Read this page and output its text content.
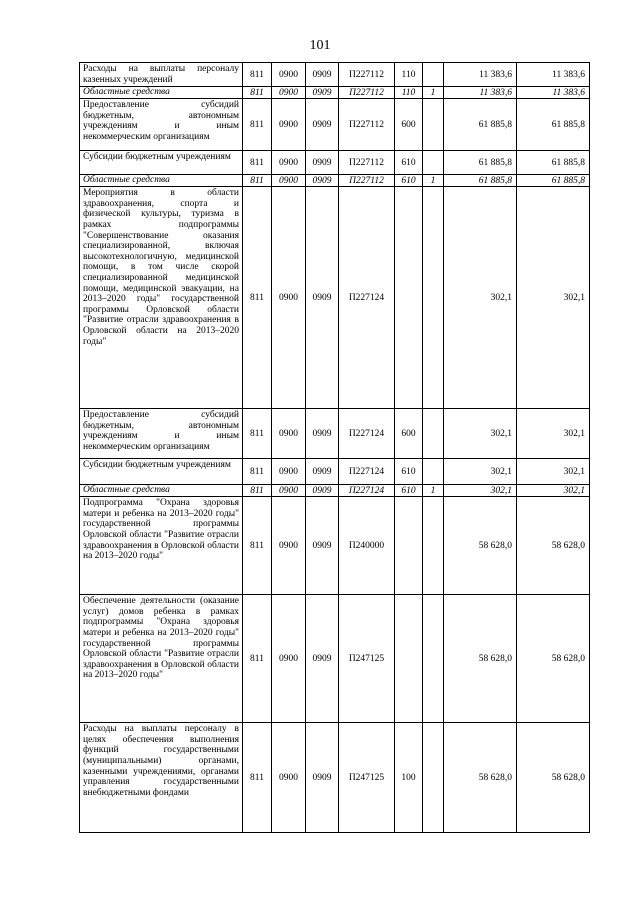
101
Расходы на выплаты персоналу казенных учреждений	811	0900	0909	П227112	110		11 383,6	11 383,6
Областные средства	811	0900	0909	П227112	110	1	11 383,6	11 383,6
Предоставление субсидий бюджетным, автономным учреждениям и иным некоммерческим организациям	811	0900	0909	П227112	600		61 885,8	61 885,8
Субсидии бюджетным учреждениям	811	0900	0909	П227112	610		61 885,8	61 885,8
Областные средства	811	0900	0909	П227112	610	1	61 885,8	61 885,8
Мероприятия в области здравоохранения, спорта и физической культуры, туризма в рамках подпрограммы "Совершенствование оказания специализированной, включая высокотехнологичную, медицинской помощи, в том числе скорой специализированной медицинской помощи, медицинской эвакуации, на 2013–2020 годы" государственной программы Орловской области "Развитие отрасли здравоохранения в Орловской области на 2013–2020 годы"	811	0900	0909	П227124			302,1	302,1
Предоставление субсидий бюджетным, автономным учреждениям и иным некоммерческим организациям	811	0900	0909	П227124	600		302,1	302,1
Субсидии бюджетным учреждениям	811	0900	0909	П227124	610		302,1	302,1
Областные средства	811	0900	0909	П227124	610	1	302,1	302,1
Подпрограмма "Охрана здоровья матери и ребенка на 2013–2020 годы" государственной программы Орловской области "Развитие отрасли здравоохранения в Орловской области на 2013–2020 годы"	811	0900	0909	П240000			58 628,0	58 628,0
Обеспечение деятельности (оказание услуг) домов ребенка в рамках подпрограммы "Охрана здоровья матери и ребенка на 2013–2020 годы" государственной программы Орловской области "Развитие отрасли здравоохранения в Орловской области на 2013–2020 годы"	811	0900	0909	П247125			58 628,0	58 628,0
Расходы на выплаты персоналу в целях обеспечения выполнения функций государственными (муниципальными) органами, казенными учреждениями, органами управления государственными внебюджетными фондами	811	0900	0909	П247125	100		58 628,0	58 628,0
